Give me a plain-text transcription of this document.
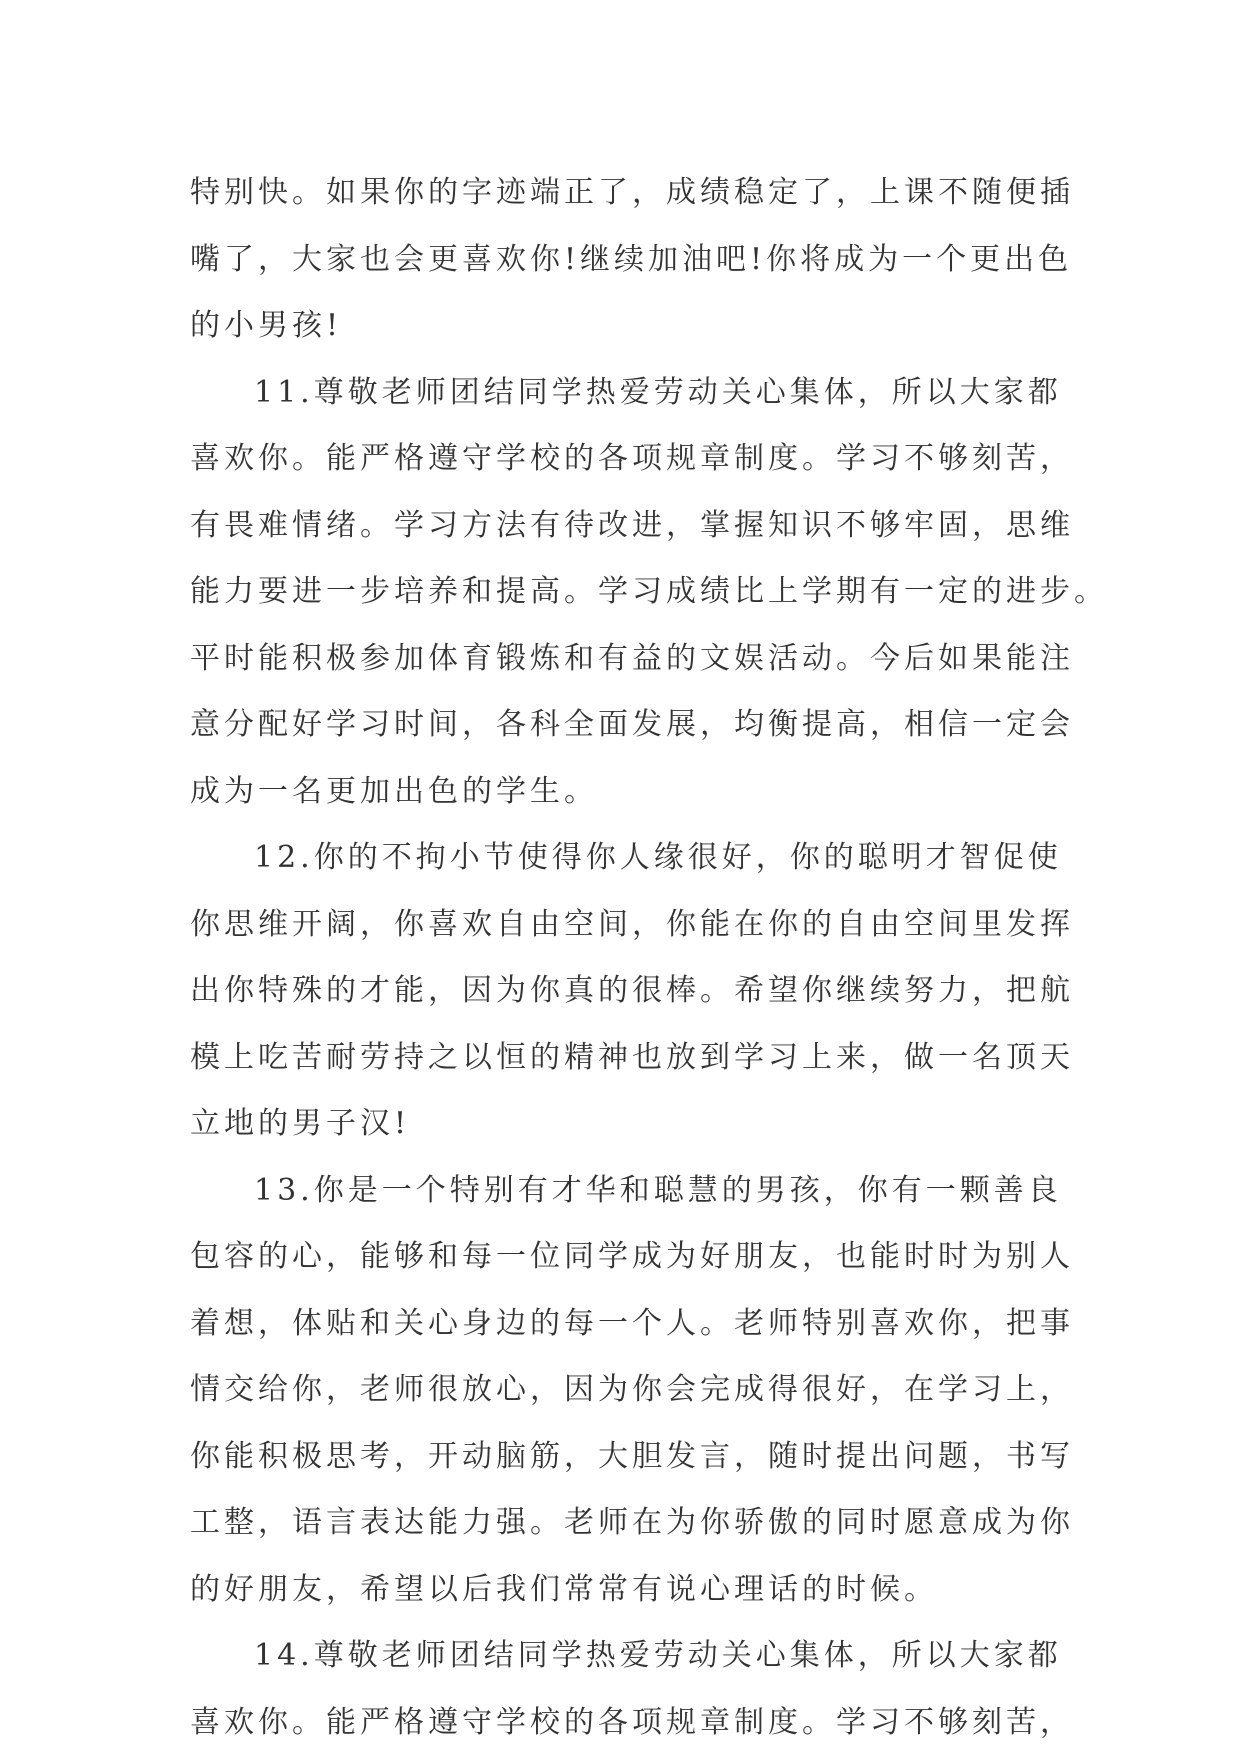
特别快。如果你的字迹端正了，成绩稳定了，上课不随便插
嘴了，大家也会更喜欢你!继续加油吧!你将成为一个更出色
的小男孩!
11.尊敬老师团结同学热爱劳动关心集体，所以大家都
喜欢你。能严格遵守学校的各项规章制度。学习不够刻苦，
有畏难情绪。学习方法有待改进，掌握知识不够牢固，思维
能力要进一步培养和提高。学习成绩比上学期有一定的进步。
平时能积极参加体育锻炼和有益的文娱活动。今后如果能注
意分配好学习时间，各科全面发展，均衡提高，相信一定会
成为一名更加出色的学生。
12.你的不拘小节使得你人缘很好，你的聪明才智促使
你思维开阔，你喜欢自由空间，你能在你的自由空间里发挥
出你特殊的才能，因为你真的很棒。希望你继续努力，把航
模上吃苦耐劳持之以恒的精神也放到学习上来，做一名顶天
立地的男子汉!
13.你是一个特别有才华和聪慧的男孩，你有一颗善良
包容的心，能够和每一位同学成为好朋友，也能时时为别人
着想，体贴和关心身边的每一个人。老师特别喜欢你，把事
情交给你，老师很放心，因为你会完成得很好，在学习上，
你能积极思考，开动脑筋，大胆发言，随时提出问题，书写
工整，语言表达能力强。老师在为你骄傲的同时愿意成为你
的好朋友，希望以后我们常常有说心理话的时候。
14.尊敬老师团结同学热爱劳动关心集体，所以大家都
喜欢你。能严格遵守学校的各项规章制度。学习不够刻苦，
